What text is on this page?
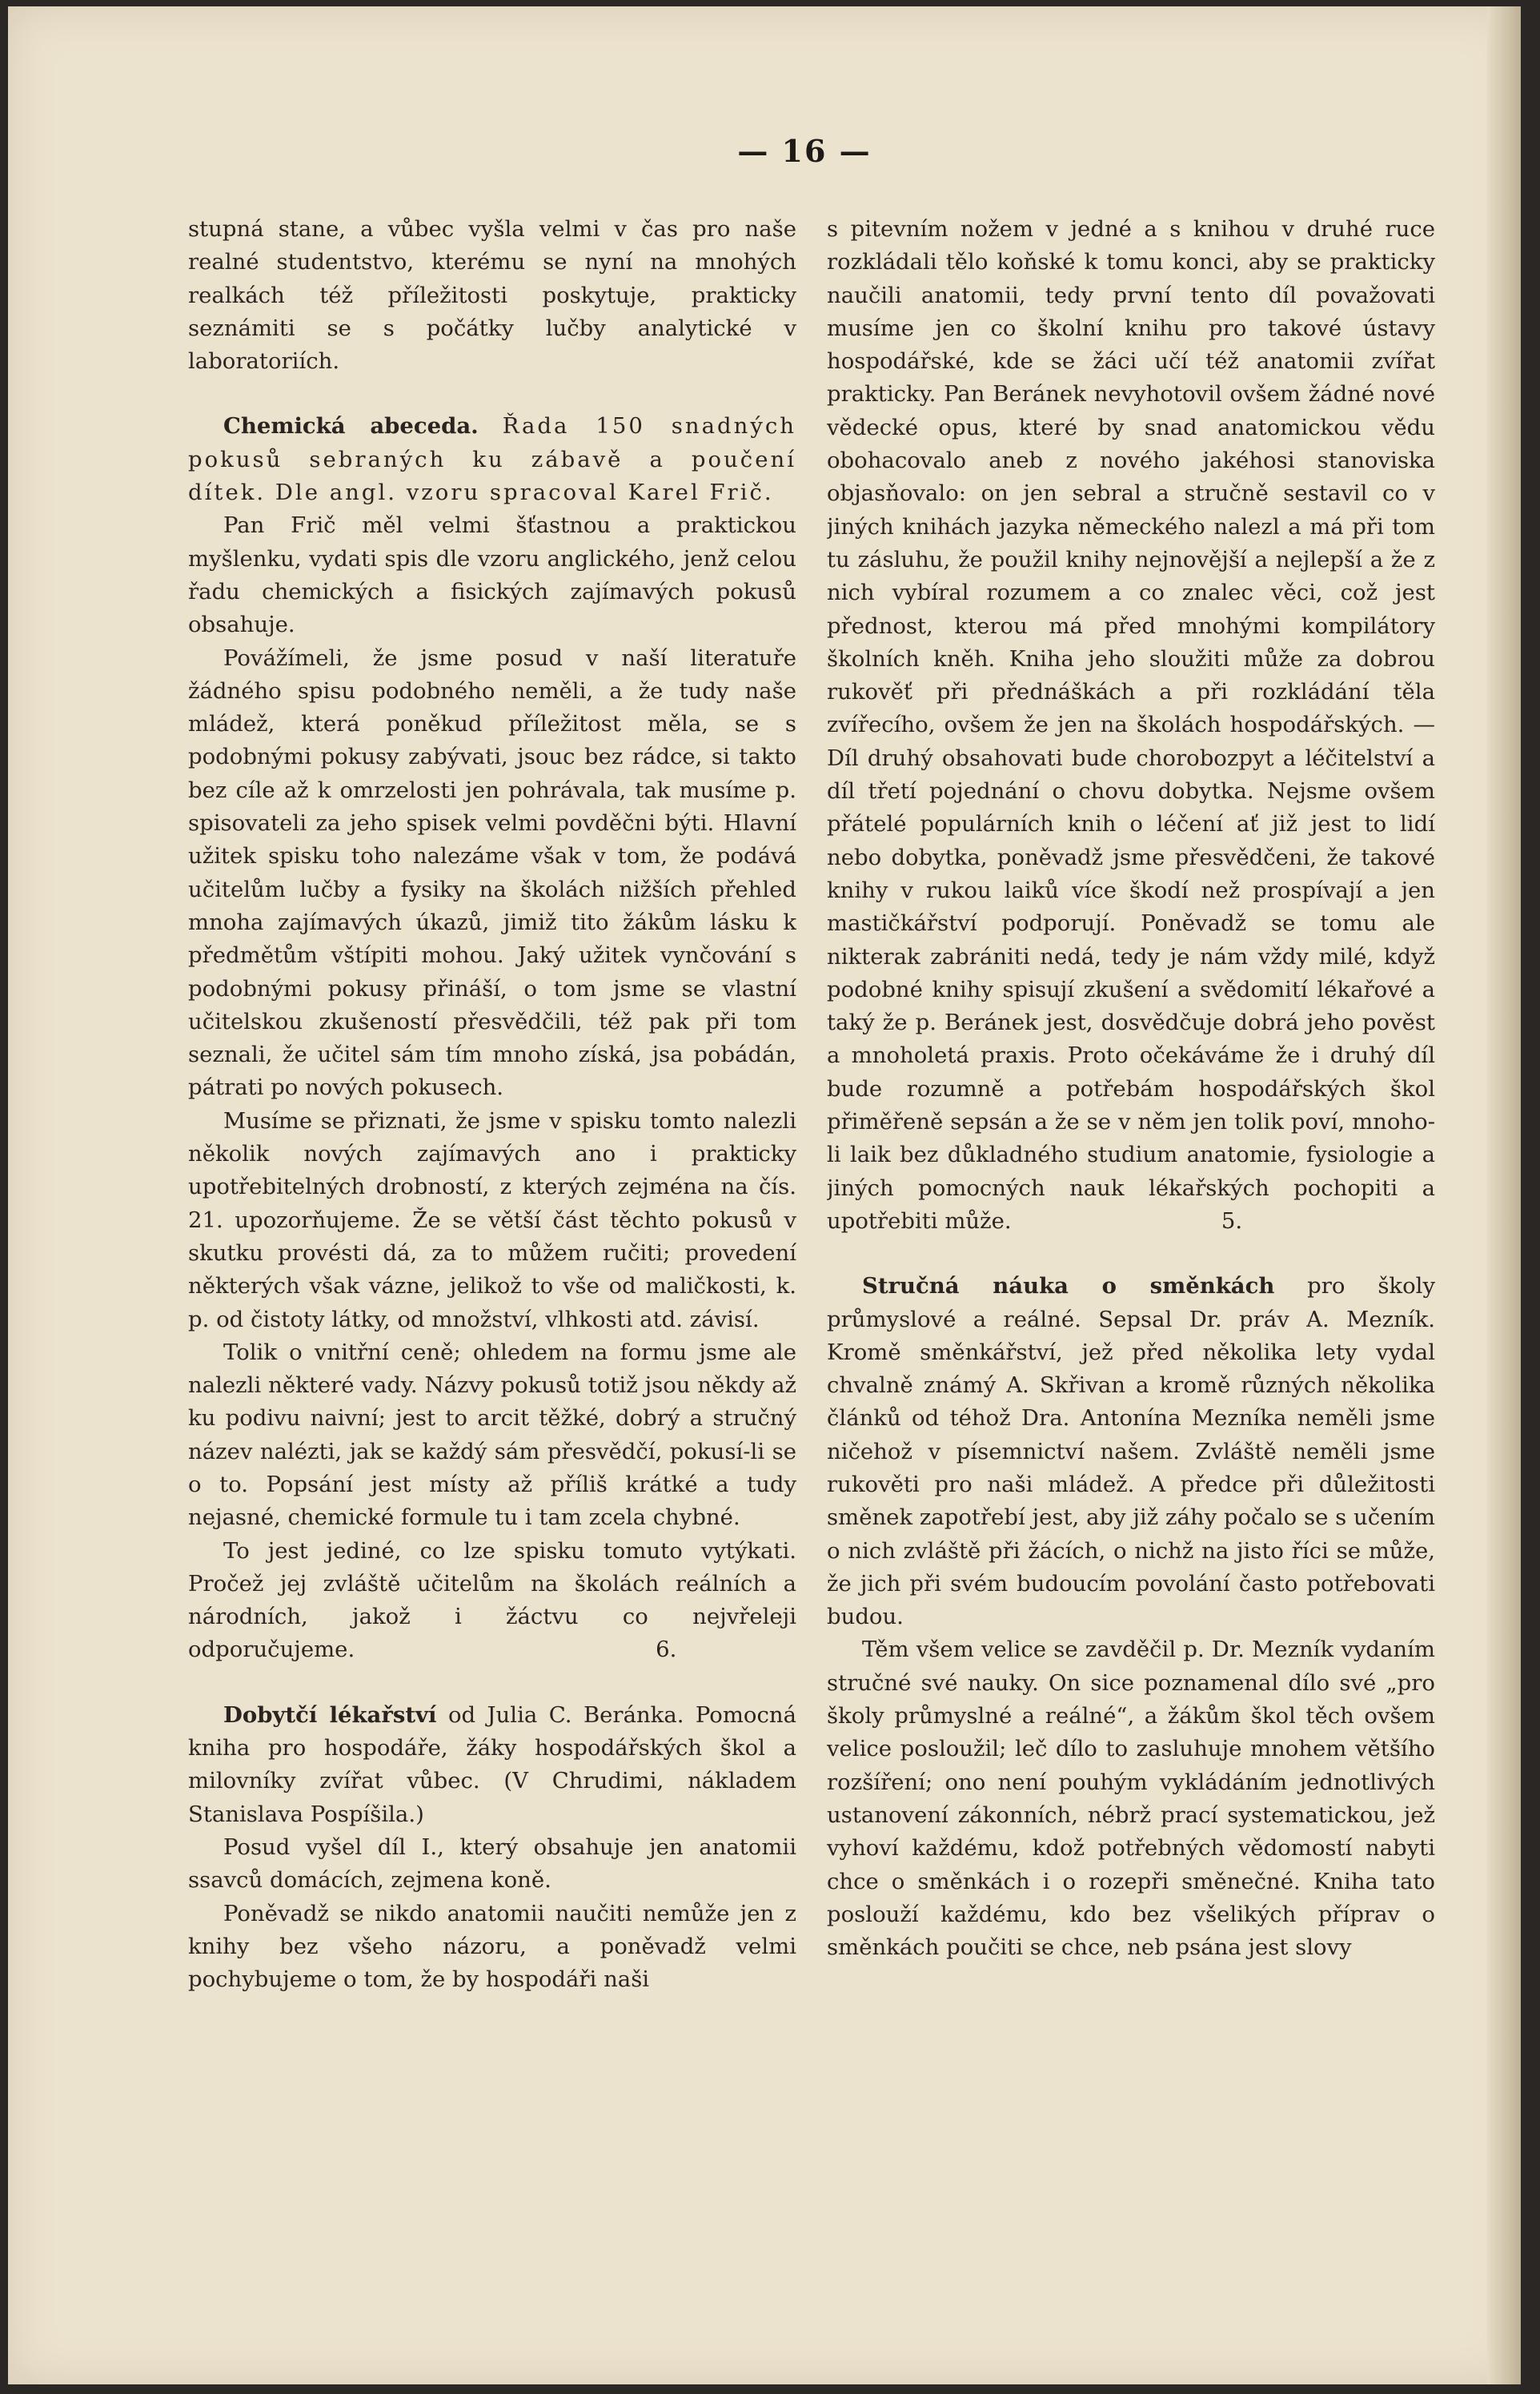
— 16 —

stupná stane, a vůbec vyšla velmi v čas pro naše realné studentstvo, kterému se nyní na mnohých realkách též příležitosti poskytuje, prakticky seznámiti se s počátky lučby analytické v laboratoriích.

Chemická abeceda. Řada 150 snadných pokusů sebraných ku zábavě a poučení dítek. Dle angl. vzoru spracoval Karel Frič.

Pan Frič měl velmi šťastnou a praktickou myšlenku, vydati spis dle vzoru anglického, jenž celou řadu chemických a fisických zajímavých pokusů obsahuje.

Povážímeli, že jsme posud v naší literatuře žádného spisu podobného neměli, a že tudy naše mládež, která poněkud příležitost měla, se s podobnými pokusy zabývati, jsouc bez rádce, si takto bez cíle až k omrzelosti jen pohrávala, tak musíme p. spisovateli za jeho spisek velmi povděčni býti. Hlavní užitek spisku toho nalezáme však v tom, že podává učitelům lučby a fysiky na školách nižších přehled mnoha zajímavých úkazů, jimiž tito žákům lásku k předmětům vštípiti mohou. Jaký užitek vynčování s podobnými pokusy přináší, o tom jsme se vlastní učitelskou zkušeností přesvědčili, též pak při tom seznali, že učitel sám tím mnoho získá, jsa pobádán, pátrati po nových pokusech.

Musíme se přiznati, že jsme v spisku tomto nalezli několik nových zajímavých ano i prakticky upotřebitelných drobností, z kterých zejména na čís. 21. upozorňujeme. Že se větší část těchto pokusů v skutku provésti dá, za to můžem ručiti; provedení některých však vázne, jelikož to vše od maličkosti, k. p. od čistoty látky, od množství, vlhkosti atd. závisí.

Tolik o vnitřní ceně; ohledem na formu jsme ale nalezli některé vady. Názvy pokusů totiž jsou někdy až ku podivu naivní; jest to arcit těžké, dobrý a stručný název nalézti, jak se každý sám přesvědčí, pokusí-li se o to. Popsání jest místy až příliš krátké a tudy nejasné, chemické formule tu i tam zcela chybné.

To jest jediné, co lze spisku tomuto vytýkati. Pročež jej zvláště učitelům na školách reálních a národních, jakož i žáctvu co nejvřeleji odporučujeme.	6.

Dobytčí lékařství od Julia C. Beránka. Pomocná kniha pro hospodáře, žáky hospodářských škol a milovníky zvířat vůbec. (V Chrudimi, nákladem Stanislava Pospíšila.)

Posud vyšel díl I., který obsahuje jen anatomii ssavců domácích, zejmena koně.

Poněvadž se nikdo anatomii naučiti nemůže jen z knihy bez všeho názoru, a poněvadž velmi pochybujeme o tom, že by hospodáři naši

s pitevním nožem v jedné a s knihou v druhé ruce rozkládali tělo koňské k tomu konci, aby se prakticky naučili anatomii, tedy první tento díl považovati musíme jen co školní knihu pro takové ústavy hospodářské, kde se žáci učí též anatomii zvířat prakticky. Pan Beránek nevyhotovil ovšem žádné nové vědecké opus, které by snad anatomickou vědu obohacovalo aneb z nového jakéhosi stanoviska objasňovalo: on jen sebral a stručně sestavil co v jiných knihách jazyka německého nalezl a má při tom tu zásluhu, že použil knihy nejnovější a nejlepší a že z nich vybíral rozumem a co znalec věci, což jest přednost, kterou má před mnohými kompilátory školních kněh. Kniha jeho sloužiti může za dobrou rukověť při přednáškách a při rozkládání těla zvířecího, ovšem že jen na školách hospodářských. — Díl druhý obsahovati bude chorobozpyt a léčitelství a díl třetí pojednání o chovu dobytka. Nejsme ovšem přátelé populárních knih o léčení ať již jest to lidí nebo dobytka, poněvadž jsme přesvědčeni, že takové knihy v rukou laiků více škodí než prospívají a jen mastičkářství podporují. Poněvadž se tomu ale nikterak zabrániti nedá, tedy je nám vždy milé, když podobné knihy spisují zkušení a svědomití lékařové a taký že p. Beránek jest, dosvědčuje dobrá jeho pověst a mnoholetá praxis. Proto očekáváme že i druhý díl bude rozumně a potřebám hospodářských škol přiměřeně sepsán a že se v něm jen tolik poví, mnoho-li laik bez důkladného studium anatomie, fysiologie a jiných pomocných nauk lékařských pochopiti a upotřebiti může.	5.

Stručná náuka o směnkách pro školy průmyslové a reálné. Sepsal Dr. práv A. Mezník. Kromě směnkářství, jež před několika lety vydal chvalně známý A. Skřivan a kromě různých několika článků od téhož Dra. Antonína Mezníka neměli jsme ničehož v písemnictví našem. Zvláště neměli jsme rukověti pro naši mládež. A předce při důležitosti směnek zapotřebí jest, aby již záhy počalo se s učením o nich zvláště při žácích, o nichž na jisto říci se může, že jich při svém budoucím povolání často potřebovati budou.

Těm všem velice se zavděčil p. Dr. Mezník vydaním stručné své nauky. On sice poznamenal dílo své „pro školy průmyslné a reálné“, a žákům škol těch ovšem velice posloužil; leč dílo to zasluhuje mnohem většího rozšíření; ono není pouhým vykládáním jednotlivých ustanovení zákonních, nébrž prací systematickou, jež vyhoví každému, kdož potřebných vědomostí nabyti chce o směnkách i o rozepři směnečné. Kniha tato poslouží každému, kdo bez všelikých příprav o směnkách poučiti se chce, neb psána jest slovy
